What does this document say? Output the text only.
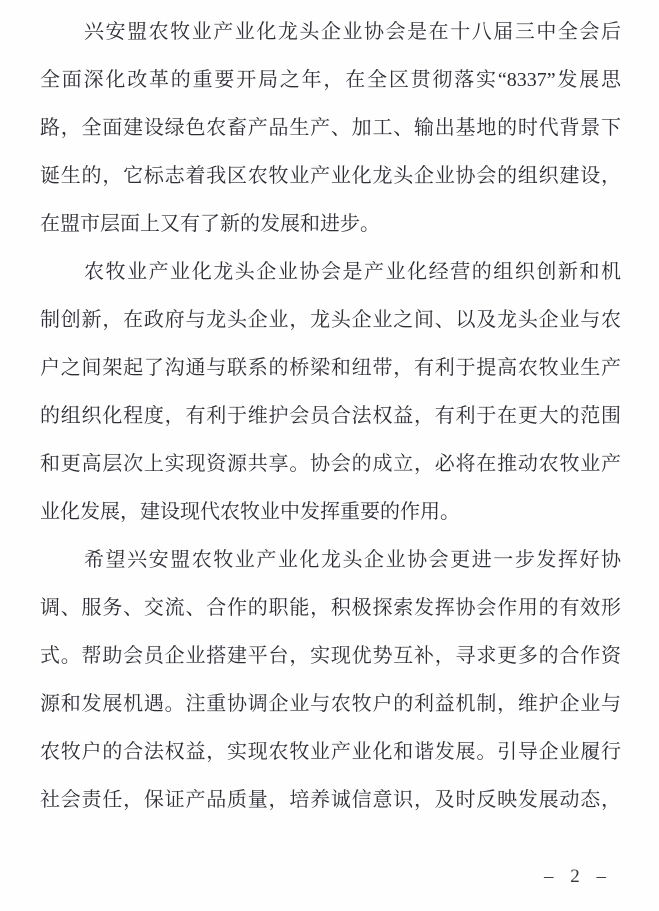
兴安盟农牧业产业化龙头企业协会是在十八届三中全会后
全面深化改革的重要开局之年，在全区贯彻落实“8337”发展思
路，全面建设绿色农畜产品生产、加工、输出基地的时代背景下
诞生的，它标志着我区农牧业产业化龙头企业协会的组织建设，
在盟市层面上又有了新的发展和进步。
农牧业产业化龙头企业协会是产业化经营的组织创新和机
制创新，在政府与龙头企业，龙头企业之间、以及龙头企业与农
户之间架起了沟通与联系的桥梁和纽带，有利于提高农牧业生产
的组织化程度，有利于维护会员合法权益，有利于在更大的范围
和更高层次上实现资源共享。协会的成立，必将在推动农牧业产
业化发展，建设现代农牧业中发挥重要的作用。
希望兴安盟农牧业产业化龙头企业协会更进一步发挥好协
调、服务、交流、合作的职能，积极探索发挥协会作用的有效形
式。帮助会员企业搭建平台，实现优势互补，寻求更多的合作资
源和发展机遇。注重协调企业与农牧户的利益机制，维护企业与
农牧户的合法权益，实现农牧业产业化和谐发展。引导企业履行
社会责任，保证产品质量，培养诚信意识，及时反映发展动态，
– 2 –
